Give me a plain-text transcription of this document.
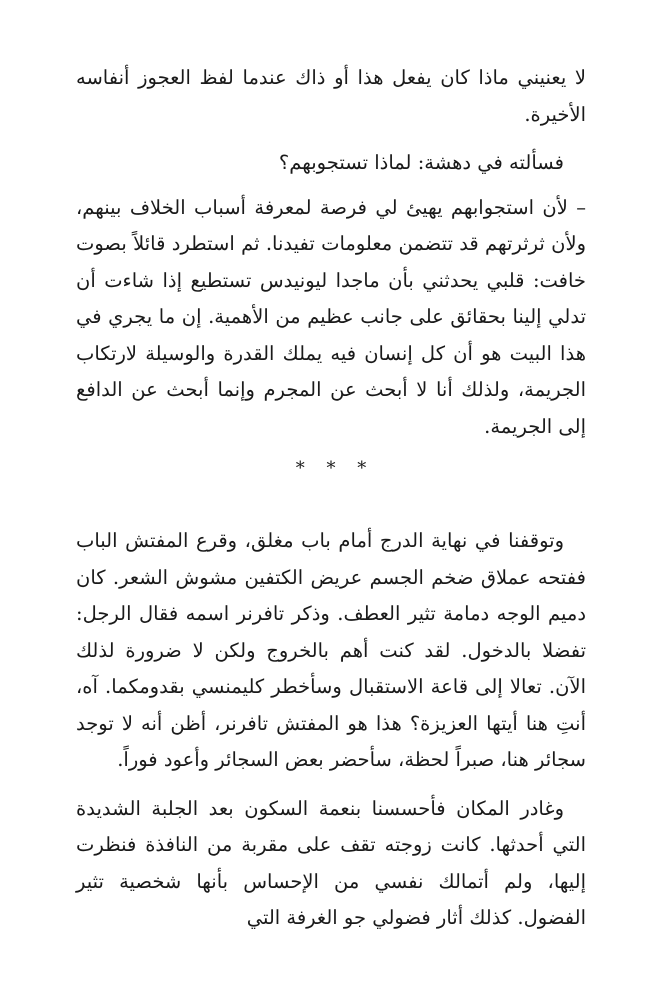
لا يعنيني ماذا كان يفعل هذا أو ذاك عندما لفظ العجوز أنفاسه الأخيرة.

فسألته في دهشة: لماذا تستجوبهم؟

– لأن استجوابهم يهيئ لي فرصة لمعرفة أسباب الخلاف بينهم، ولأن ثرثرتهم قد تتضمن معلومات تفيدنا. ثم استطرد قائلاً بصوت خافت: قلبي يحدثني بأن ماجدا ليونيدس تستطيع إذا شاءت أن تدلي إلينا بحقائق على جانب عظيم من الأهمية. إن ما يجري في هذا البيت هو أن كل إنسان فيه يملك القدرة والوسيلة لارتكاب الجريمة، ولذلك أنا لا أبحث عن المجرم وإنما أبحث عن الدافع إلى الجريمة.

* * *

وتوقفنا في نهاية الدرج أمام باب مغلق، وقرع المفتش الباب ففتحه عملاق ضخم الجسم عريض الكتفين مشوش الشعر. كان دميم الوجه دمامة تثير العطف. وذكر تافرنر اسمه فقال الرجل: تفضلا بالدخول. لقد كنت أهم بالخروج ولكن لا ضرورة لذلك الآن. تعالا إلى قاعة الاستقبال وسأخطر كليمنسي بقدومكما. آه، أنتِ هنا أيتها العزيزة؟ هذا هو المفتش تافرنر، أظن أنه لا توجد سجائر هنا، صبراً لحظة، سأحضر بعض السجائر وأعود فوراً.

وغادر المكان فأحسسنا بنعمة السكون بعد الجلبة الشديدة التي أحدثها. كانت زوجته تقف على مقربة من النافذة فنظرت إليها، ولم أتمالك نفسي من الإحساس بأنها شخصية تثير الفضول. كذلك أثار فضولي جو الغرفة التي
